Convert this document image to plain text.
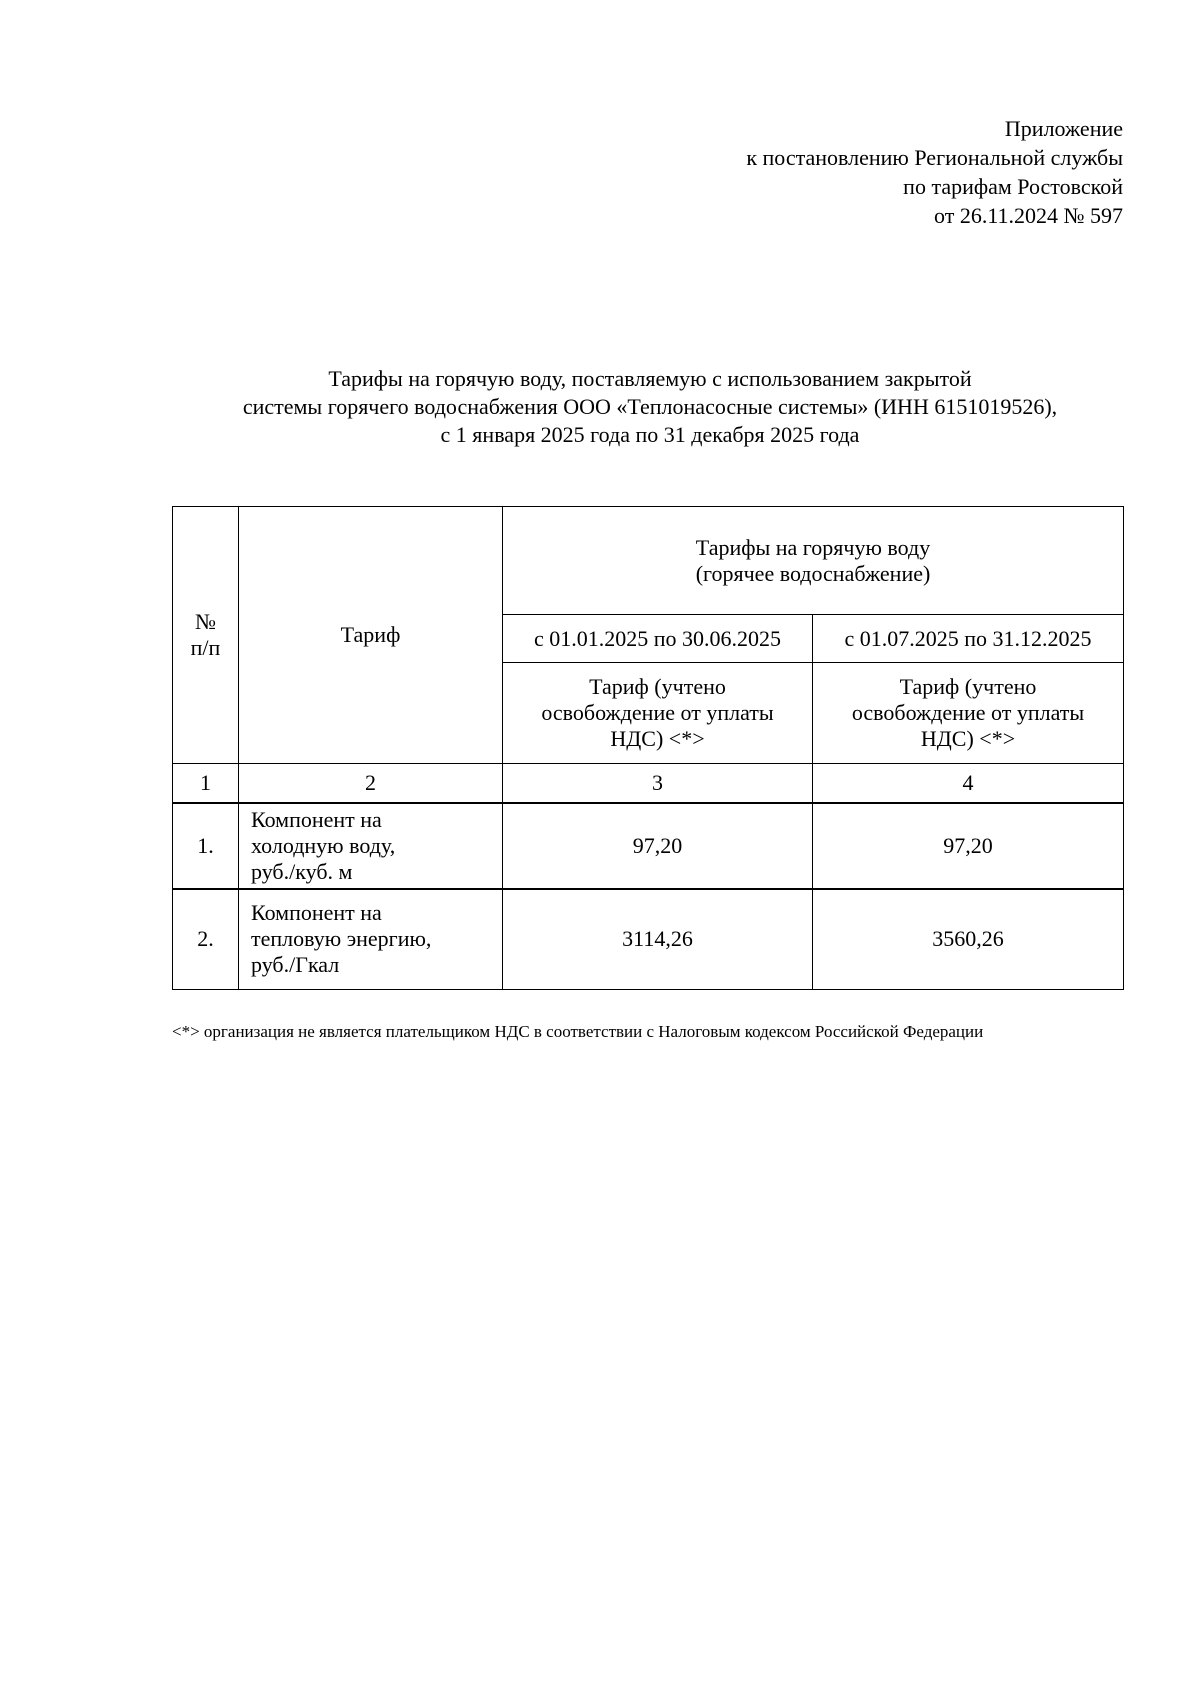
Приложение
к постановлению Региональной службы
по тарифам Ростовской
от 26.11.2024 № 597
Тарифы на горячую воду, поставляемую с использованием закрытой
системы горячего водоснабжения ООО «Теплонасосные системы» (ИНН 6151019526),
с 1 января 2025 года по 31 декабря 2025 года
№
п/п	Тариф	Тарифы на горячую воду
(горячее водоснабжение)	
		с 01.01.2025 по 30.06.2025	с 01.07.2025 по 31.12.2025
		Тариф (учтено
освобождение от уплаты
НДС) <*>	Тариф (учтено
освобождение от уплаты
НДС) <*>
1	2	3	4
1.	Компонент на
холодную воду,
руб./куб. м	97,20	97,20
2.	Компонент на
тепловую энергию,
руб./Гкал	3114,26	3560,26
<*> организация не является плательщиком НДС в соответствии с Налоговым кодексом Российской Федерации
